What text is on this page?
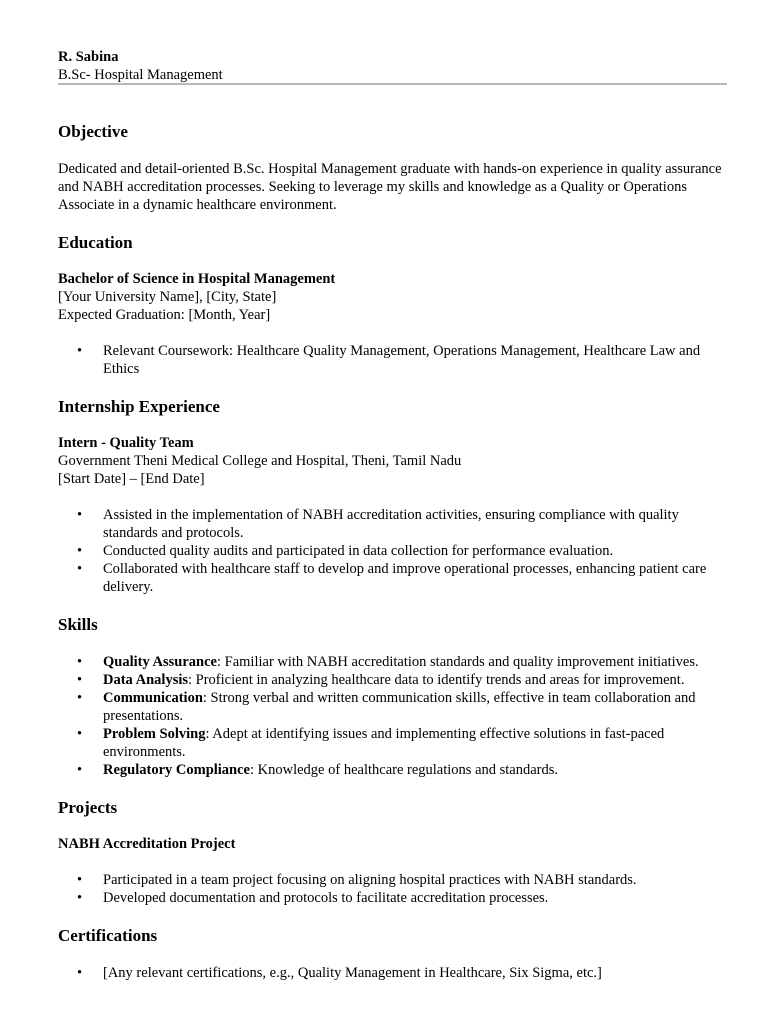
R. Sabina
B.Sc- Hospital Management
Objective

Dedicated and detail-oriented B.Sc. Hospital Management graduate with hands-on experience in quality assurance and NABH accreditation processes. Seeking to leverage my skills and knowledge as a Quality or Operations Associate in a dynamic healthcare environment.

Education
Bachelor of Science in Hospital Management
[Your University Name], [City, State]
Expected Graduation: [Month, Year]
• Relevant Coursework: Healthcare Quality Management, Operations Management, Healthcare Law and Ethics
Internship Experience
Intern - Quality Team
Government Theni Medical College and Hospital, Theni, Tamil Nadu
[Start Date] – [End Date]
• Assisted in the implementation of NABH accreditation activities, ensuring compliance with quality standards and protocols.
• Conducted quality audits and participated in data collection for performance evaluation.
• Collaborated with healthcare staff to develop and improve operational processes, enhancing patient care delivery.
Skills
• Quality Assurance: Familiar with NABH accreditation standards and quality improvement initiatives.
• Data Analysis: Proficient in analyzing healthcare data to identify trends and areas for improvement.
• Communication: Strong verbal and written communication skills, effective in team collaboration and presentations.
• Problem Solving: Adept at identifying issues and implementing effective solutions in fast-paced environments.
• Regulatory Compliance: Knowledge of healthcare regulations and standards.
Projects
NABH Accreditation Project
• Participated in a team project focusing on aligning hospital practices with NABH standards.
• Developed documentation and protocols to facilitate accreditation processes.
Certifications
• [Any relevant certifications, e.g., Quality Management in Healthcare, Six Sigma, etc.]
